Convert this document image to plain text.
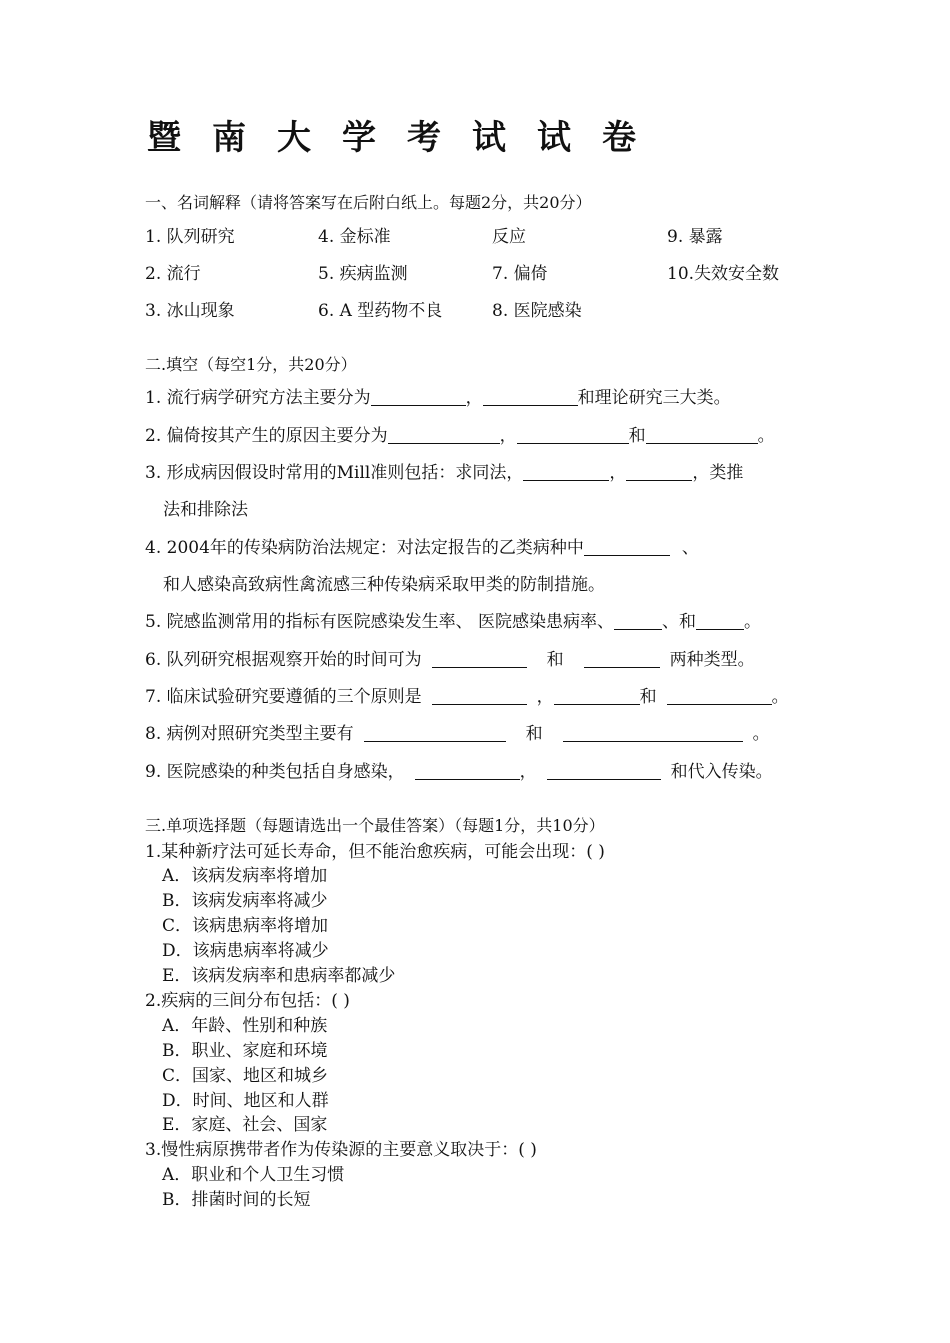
暨南大学考试试卷
一、名词解释（请将答案写在后附白纸上。每题2分，共20分）
1. 队列研究	4. 金标准	反应	9. 暴露
2. 流行	5. 疾病监测	7. 偏倚	10.失效安全数
3. 冰山现象	6. A 型药物不良	8. 医院感染
二.填空（每空1分，共20分）
1. 流行病学研究方法主要分为	，	和理论研究三大类。
2. 偏倚按其产生的原因主要分为	，	和	。
3. 形成病因假设时常用的Mill准则包括：求同法，	，	，类推
法和排除法
4. 2004年的传染病防治法规定：对法定报告的乙类病种中	、
和人感染高致病性禽流感三种传染病采取甲类的防制措施。
5. 院感监测常用的指标有医院感染发生率、 医院感染患病率、	、和	。
6. 队列研究根据观察开始的时间可为	和	两种类型。
7. 临床试验研究要遵循的三个原则是	，	和	。
8. 病例对照研究类型主要有	和	。
9. 医院感染的种类包括自身感染，	，	和代入传染。
三.单项选择题（每题请选出一个最佳答案）（每题1分，共10分）
1.某种新疗法可延长寿命，但不能治愈疾病，可能会出现：( )
A．该病发病率将增加
B．该病发病率将减少
C．该病患病率将增加
D．该病患病率将减少
E．该病发病率和患病率都减少
2.疾病的三间分布包括：( )
A．年龄、性别和种族
B．职业、家庭和环境
C．国家、地区和城乡
D．时间、地区和人群
E．家庭、社会、国家
3.慢性病原携带者作为传染源的主要意义取决于：( )
A．职业和个人卫生习惯
B．排菌时间的长短
